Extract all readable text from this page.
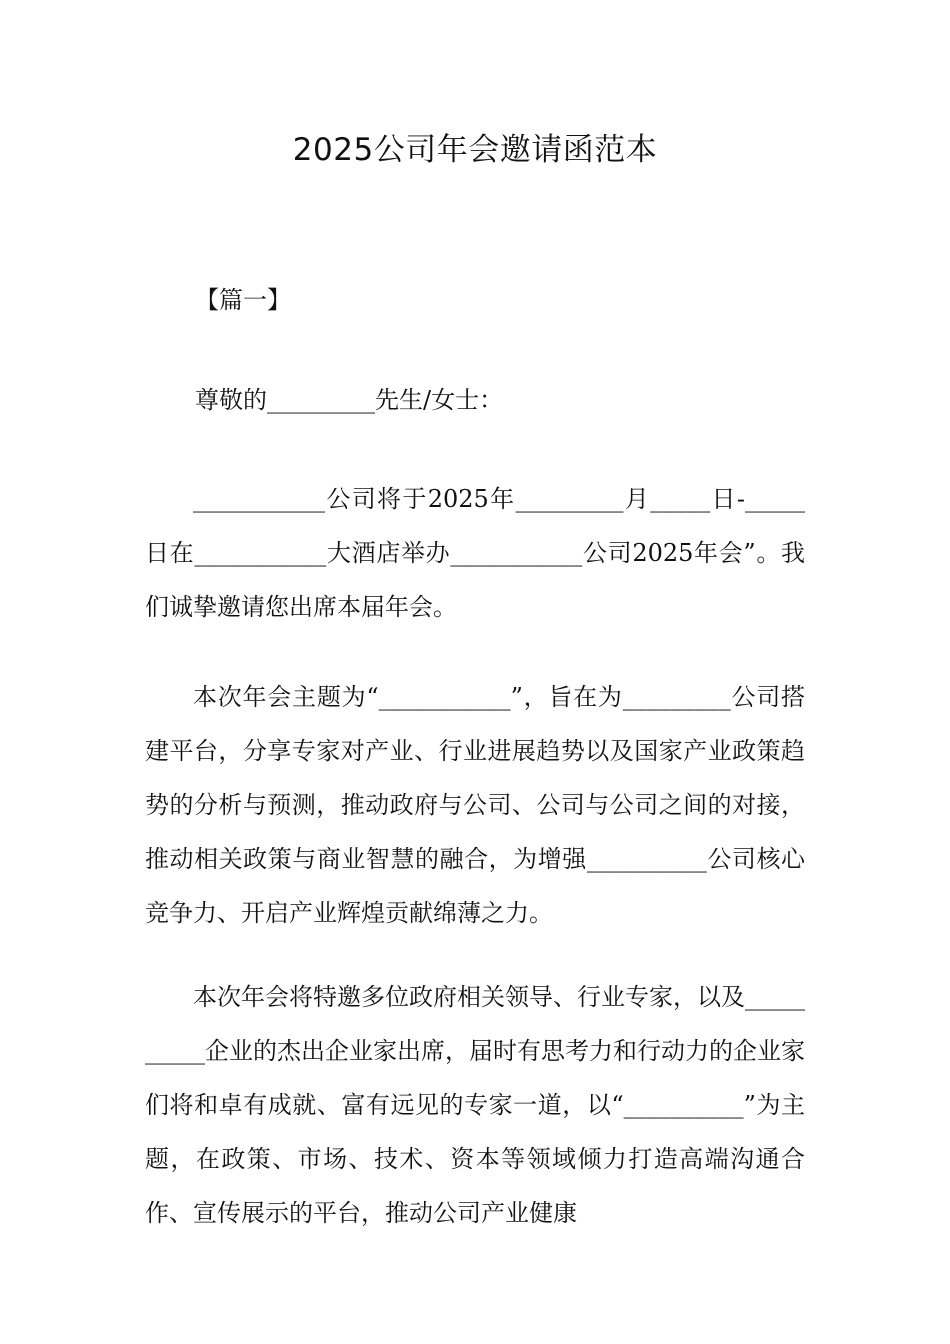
2025公司年会邀请函范本

【篇一】

尊敬的_________先生/女士：

___________公司将于2025年_________月_____日-_____日在___________大酒店举办___________公司2025年会”。我们诚挚邀请您出席本届年会。

本次年会主题为“___________”，旨在为_________公司搭建平台，分享专家对产业、行业进展趋势以及国家产业政策趋势的分析与预测，推动政府与公司、公司与公司之间的对接，推动相关政策与商业智慧的融合，为增强__________公司核心竞争力、开启产业辉煌贡献绵薄之力。

本次年会将特邀多位政府相关领导、行业专家，以及__________企业的杰出企业家出席，届时有思考力和行动力的企业家们将和卓有成就、富有远见的专家一道，以“__________”为主题，在政策、市场、技术、资本等领域倾力打造高端沟通合作、宣传展示的平台，推动公司产业健康
